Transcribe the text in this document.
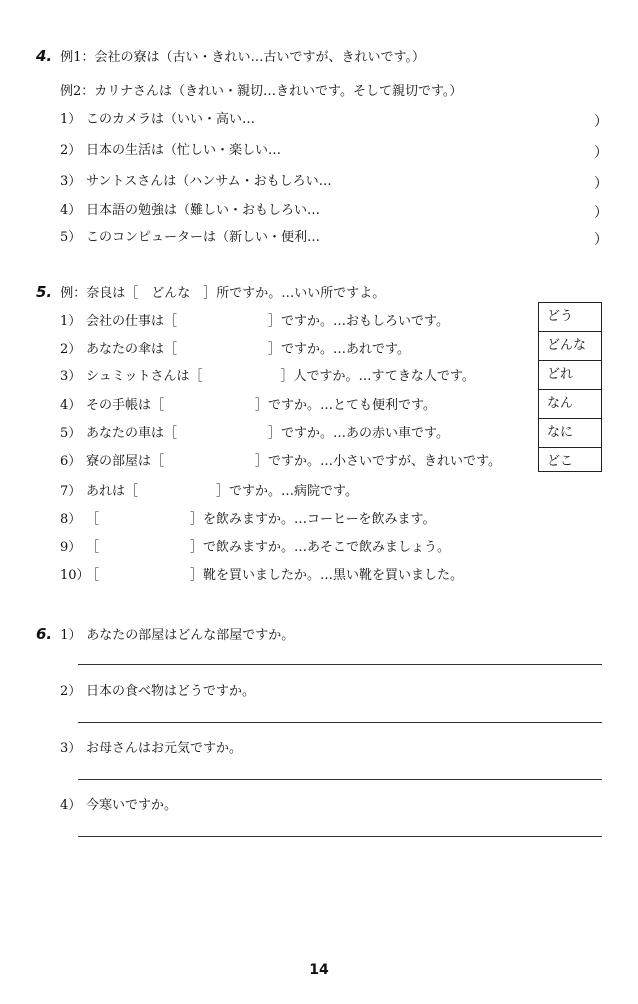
4. 例1：会社の寮は（古い・きれい…古いですが、きれいです。）
例2：カリナさんは（きれい・親切…きれいです。そして親切です。）
1） このカメラは（いい・高い…	）
2） 日本の生活は（忙しい・楽しい…	）
3） サントスさんは（ハンサム・おもしろい…	）
4） 日本語の勉強は（難しい・おもしろい…	）
5） このコンピューターは（新しい・便利…	）
5. 例：奈良は［　どんな　］所ですか。…いい所ですよ。
1） 会社の仕事は［　　　　　　　］ですか。…おもしろいです。
2） あなたの傘は［　　　　　　　］ですか。…あれです。
3） シュミットさんは［　　　　　　］人ですか。…すてきな人です。
4） その手帳は［　　　　　　　］ですか。…とても便利です。
5） あなたの車は［　　　　　　　］ですか。…あの赤い車です。
6） 寮の部屋は［　　　　　　　］ですか。…小さいですが、きれいです。
7） あれは［　　　　　　］ですか。…病院です。
8） ［　　　　　　　］を飲みますか。…コーヒーを飲みます。
9） ［　　　　　　　］で飲みますか。…あそこで飲みましょう。
10）［　　　　　　　］靴を買いましたか。…黒い靴を買いました。
どう
どんな
どれ
なん
なに
どこ
6. 1） あなたの部屋はどんな部屋ですか。
2） 日本の食べ物はどうですか。
3） お母さんはお元気ですか。
4） 今寒いですか。
14
